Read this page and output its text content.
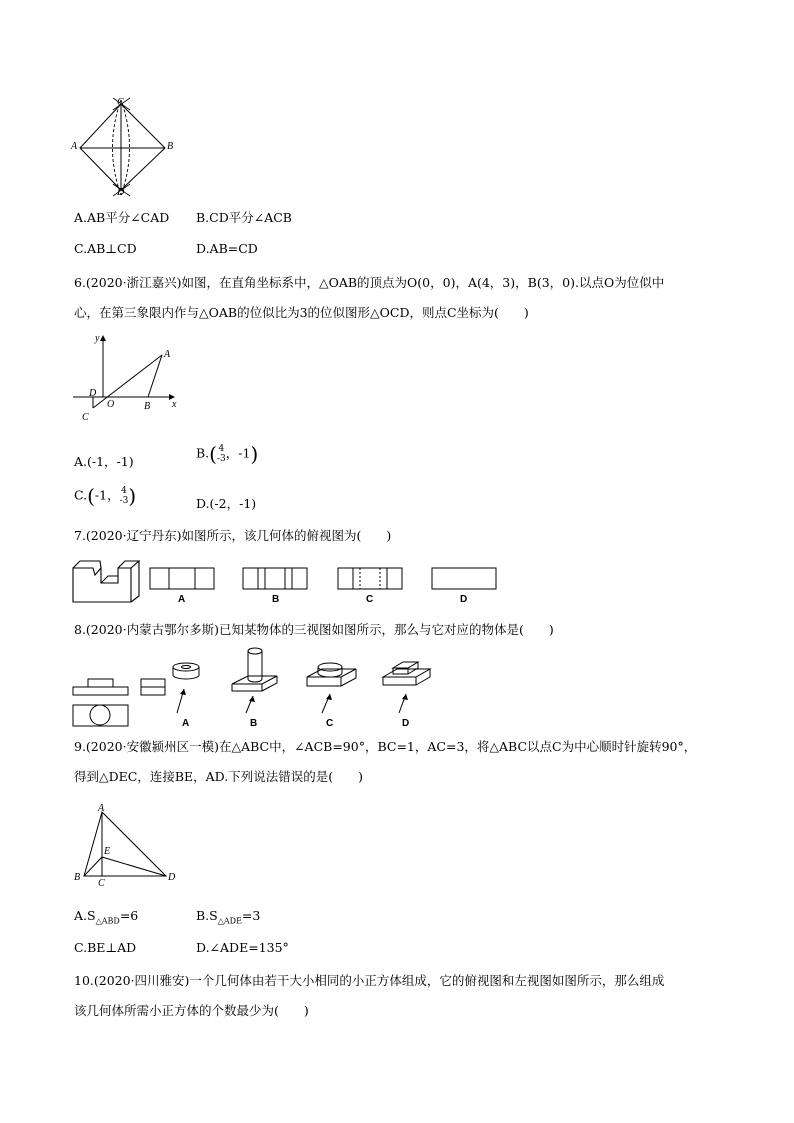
C
A	B
D
A.AB平分∠CAD B.CD平分∠ACB
C.AB⊥CD	D.AB=CD
6.(2020·浙江嘉兴)如图，在直角坐标系中，△OAB的顶点为O(0，0)，A(4，3)，B(3，0).以点O为位似中
心，在第三象限内作与△OAB的位似比为3的位似图形△OCD，则点C坐标为(　　)
y
x
A
O	B
D
C
A.(-1，-1)
B.( 4
-3 ，-1)
C.(-1， 4
-3 )	D.(-2，-1)
7.(2020·辽宁丹东)如图所示，该几何体的俯视图为(　　)
A	B	C	D
8.(2020·内蒙古鄂尔多斯)已知某物体的三视图如图所示，那么与它对应的物体是(　　)
A	B	C	D
9.(2020·安徽颍州区一模)在△ABC中，∠ACB=90°，BC=1，AC=3，将△ABC以点C为中心顺时针旋转90°，
得到△DEC，连接BE，AD.下列说法错误的是(　　)
A
E
B
C
D
$A.S_{\triangle ABD}=6$	$B.S_{\triangle ADE}=3$
C.BE⊥AD	D.∠ADE=135°
10.(2020·四川雅安)一个几何体由若干大小相同的小正方体组成，它的俯视图和左视图如图所示，那么组成
该几何体所需小正方体的个数最少为(　　)
